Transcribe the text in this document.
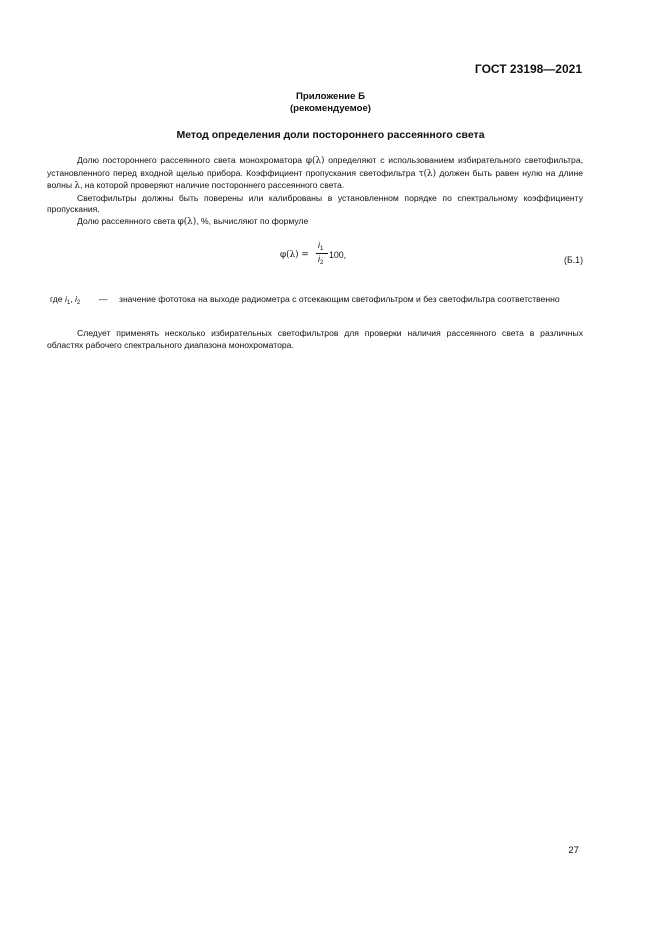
ГОСТ 23198—2021
Приложение Б
(рекомендуемое)
Метод определения доли постороннего рассеянного света

Долю постороннего рассеянного света монохроматора φ(λ) определяют с использованием избирательного светофильтра, установленного перед входной щелью прибора. Коэффициент пропускания светофильтра τ(λ) должен быть равен нулю на длине волны λ, на которой проверяют наличие постороннего рассеянного света.

Светофильтры должны быть поверены или калиброваны в установленном порядке по спектральному коэффициенту пропускания.

Долю рассеянного света φ(λ), %, вычисляют по формуле

φ(λ) =
$i_1$
$i_2$
100,	(Б.1)
где $i_1$, $i_2$ — значение фототока на выходе радиометра с отсекающим светофильтром и без светофильтра соответственно

Следует применять несколько избирательных светофильтров для проверки наличия рассеянного света в различных областях рабочего спектрального диапазона монохроматора.

27
